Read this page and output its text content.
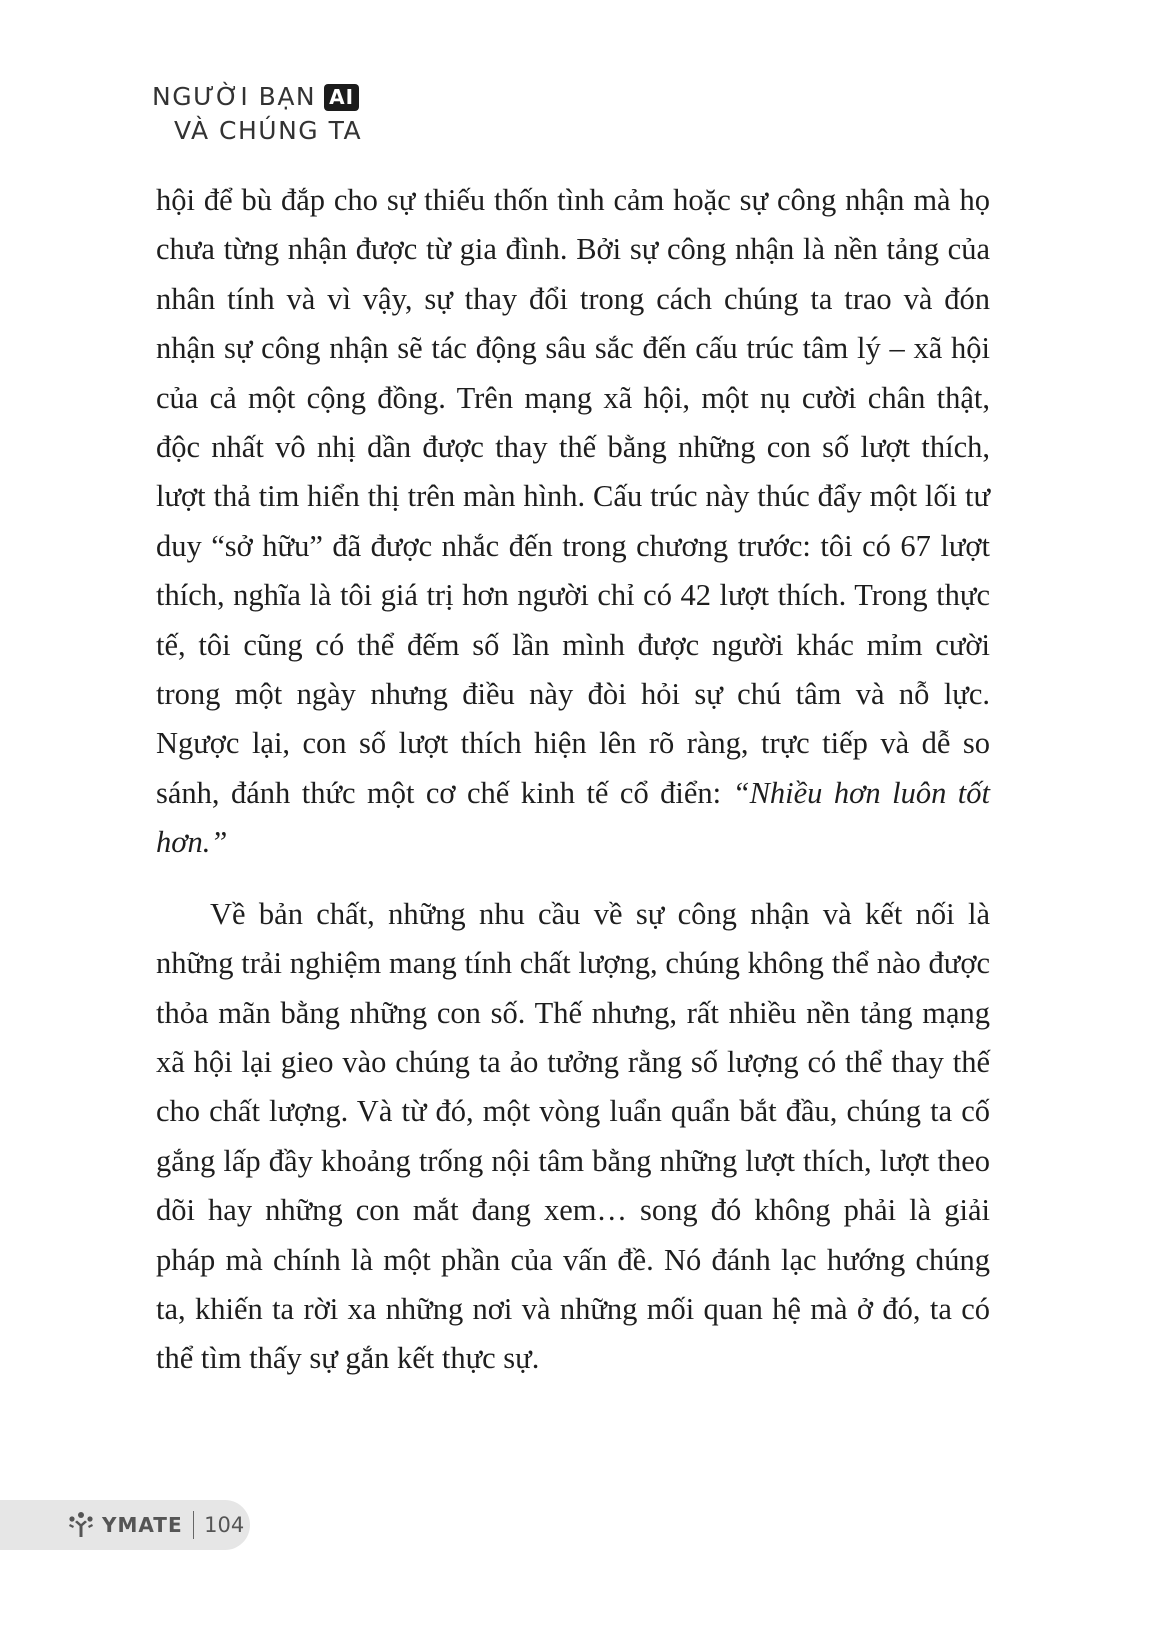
NGƯỜI BẠN AI
VÀ CHÚNG TA

hội để bù đắp cho sự thiếu thốn tình cảm hoặc sự công nhận mà họ chưa từng nhận được từ gia đình. Bởi sự công nhận là nền tảng của nhân tính và vì vậy, sự thay đổi trong cách chúng ta trao và đón nhận sự công nhận sẽ tác động sâu sắc đến cấu trúc tâm lý – xã hội của cả một cộng đồng. Trên mạng xã hội, một nụ cười chân thật, độc nhất vô nhị dần được thay thế bằng những con số lượt thích, lượt thả tim hiển thị trên màn hình. Cấu trúc này thúc đẩy một lối tư duy “sở hữu” đã được nhắc đến trong chương trước: tôi có 67 lượt thích, nghĩa là tôi giá trị hơn người chỉ có 42 lượt thích. Trong thực tế, tôi cũng có thể đếm số lần mình được người khác mỉm cười trong một ngày nhưng điều này đòi hỏi sự chú tâm và nỗ lực. Ngược lại, con số lượt thích hiện lên rõ ràng, trực tiếp và dễ so sánh, đánh thức một cơ chế kinh tế cổ điển: “Nhiều hơn luôn tốt hơn.”

Về bản chất, những nhu cầu về sự công nhận và kết nối là những trải nghiệm mang tính chất lượng, chúng không thể nào được thỏa mãn bằng những con số. Thế nhưng, rất nhiều nền tảng mạng xã hội lại gieo vào chúng ta ảo tưởng rằng số lượng có thể thay thế cho chất lượng. Và từ đó, một vòng luẩn quẩn bắt đầu, chúng ta cố gắng lấp đầy khoảng trống nội tâm bằng những lượt thích, lượt theo dõi hay những con mắt đang xem… song đó không phải là giải pháp mà chính là một phần của vấn đề. Nó đánh lạc hướng chúng ta, khiến ta rời xa những nơi và những mối quan hệ mà ở đó, ta có thể tìm thấy sự gắn kết thực sự.

YMATE 104
